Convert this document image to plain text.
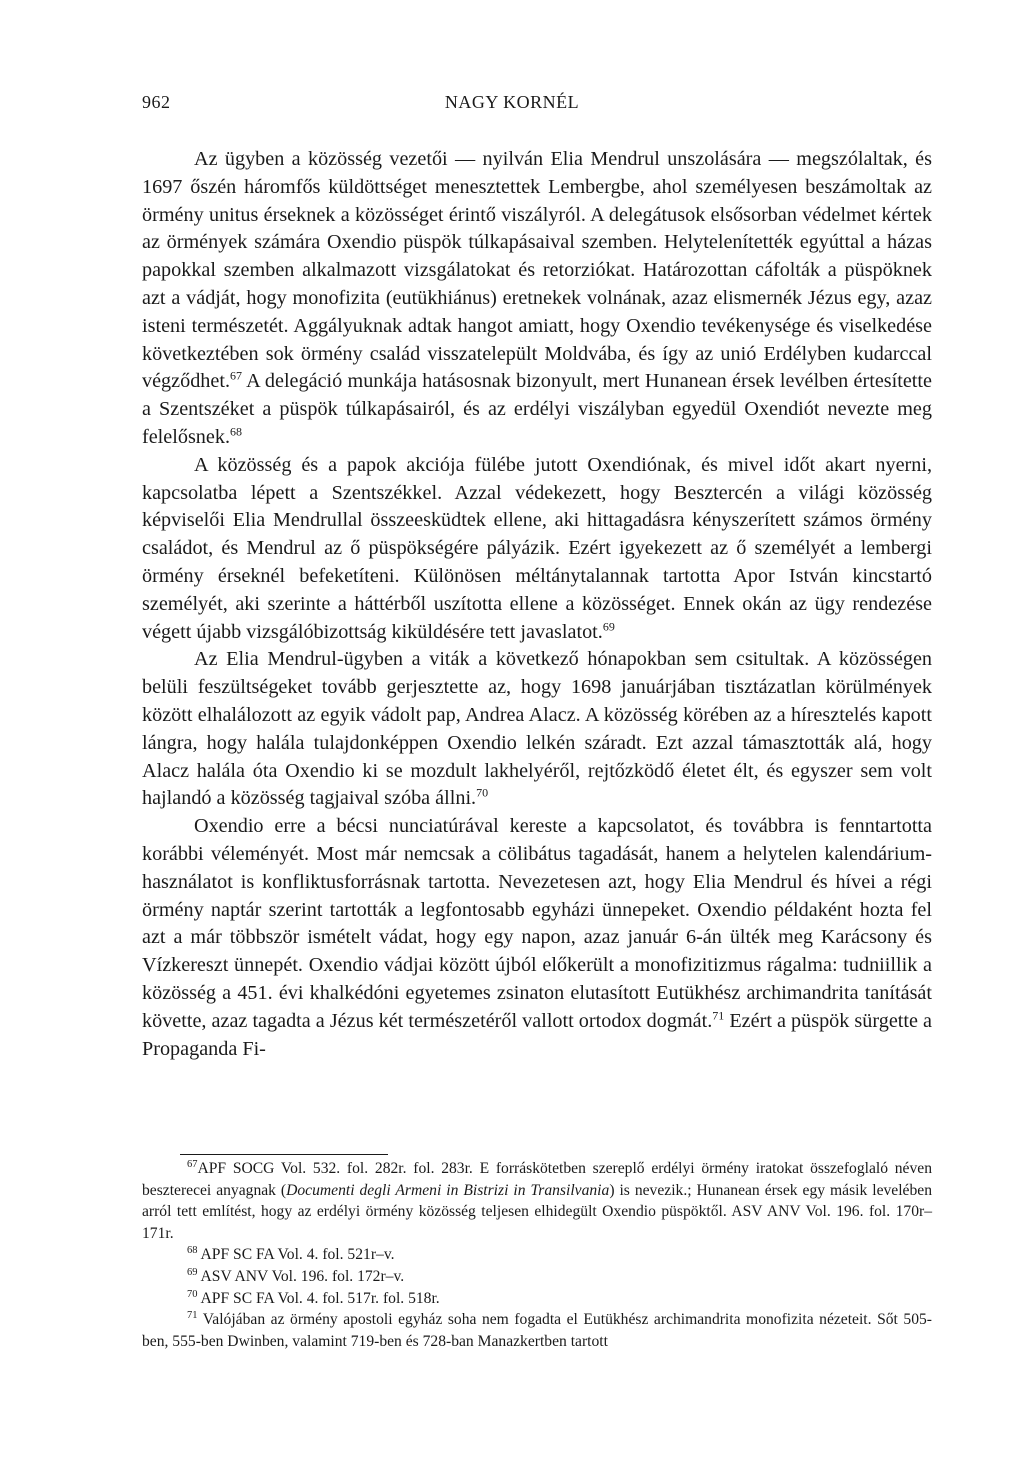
962	NAGY KORNÉL

Az ügyben a közösség vezetői — nyilván Elia Mendrul unszolására — megszólaltak, és 1697 őszén háromfős küldöttséget menesztettek Lembergbe, ahol személyesen beszámoltak az örmény unitus érseknek a közösséget érintő viszályról. A delegátusok elsősorban védelmet kértek az örmények számára Oxendio püspök túlkapásaival szemben. Helytelenítették egyúttal a házas papokkal szemben alkalmazott vizsgálatokat és retorziókat. Határozottan cáfolták a püspöknek azt a vádját, hogy monofizita (eutükhiánus) eretnekek volnának, azaz elismernék Jézus egy, azaz isteni természetét. Aggályuknak adtak hangot amiatt, hogy Oxendio tevékenysége és viselkedése következtében sok örmény család visszatelepült Moldvába, és így az unió Erdélyben kudarccal végződhet.$^{67}$ A delegáció munkája hatásosnak bizonyult, mert Hunanean érsek levélben értesítette a Szentszéket a püspök túlkapásairól, és az erdélyi viszályban egyedül Oxendiót nevezte meg felelősnek.$^{68}$

A közösség és a papok akciója fülébe jutott Oxendiónak, és mivel időt akart nyerni, kapcsolatba lépett a Szentszékkel. Azzal védekezett, hogy Besztercén a világi közösség képviselői Elia Mendrullal összeesküdtek ellene, aki hittagadásra kényszerített számos örmény családot, és Mendrul az ő püspökségére pályázik. Ezért igyekezett az ő személyét a lembergi örmény érseknél befeketíteni. Különösen méltánytalannak tartotta Apor István kincstartó személyét, aki szerinte a háttérből uszította ellene a közösséget. Ennek okán az ügy rendezése végett újabb vizsgálóbizottság kiküldésére tett javaslatot.$^{69}$

Az Elia Mendrul-ügyben a viták a következő hónapokban sem csitultak. A közösségen belüli feszültségeket tovább gerjesztette az, hogy 1698 januárjában tisztázatlan körülmények között elhalálozott az egyik vádolt pap, Andrea Alacz. A közösség körében az a híresztelés kapott lángra, hogy halála tulajdonképpen Oxendio lelkén száradt. Ezt azzal támasztották alá, hogy Alacz halála óta Oxendio ki se mozdult lakhelyéről, rejtőzködő életet élt, és egyszer sem volt hajlandó a közösség tagjaival szóba állni.$^{70}$

Oxendio erre a bécsi nunciatúrával kereste a kapcsolatot, és továbbra is fenntartotta korábbi véleményét. Most már nemcsak a cölibátus tagadását, hanem a helytelen kalendárium-használatot is konfliktusforrásnak tartotta. Nevezetesen azt, hogy Elia Mendrul és hívei a régi örmény naptár szerint tartották a legfontosabb egyházi ünnepeket. Oxendio példaként hozta fel azt a már többször ismételt vádat, hogy egy napon, azaz január 6-án ülték meg Karácsony és Vízkereszt ünnepét. Oxendio vádjai között újból előkerült a monofizitizmus rágalma: tudniillik a közösség a 451. évi khalkédóni egyetemes zsinaton elutasított Eutükhész archimandrita tanítását követte, azaz tagadta a Jézus két természetéről vallott ortodox dogmát.$^{71}$ Ezért a püspök sürgette a Propaganda Fi-

$^{67}$APF SOCG Vol. 532. fol. 282r. fol. 283r. E forráskötetben szereplő erdélyi örmény iratokat összefoglaló néven beszterecei anyagnak (Documenti degli Armeni in Bistrizi in Transilvania) is nevezik.; Hunanean érsek egy másik levelében arról tett említést, hogy az erdélyi örmény közösség teljesen elhidegült Oxendio püspöktől. ASV ANV Vol. 196. fol. 170r–171r.

$^{68}$ APF SC FA Vol. 4. fol. 521r–v.

$^{69}$ ASV ANV Vol. 196. fol. 172r–v.

$^{70}$ APF SC FA Vol. 4. fol. 517r. fol. 518r.

$^{71}$ Valójában az örmény apostoli egyház soha nem fogadta el Eutükhész archimandrita monofizita nézeteit. Sőt 505-ben, 555-ben Dwinben, valamint 719-ben és 728-ban Manazkertben tartott
